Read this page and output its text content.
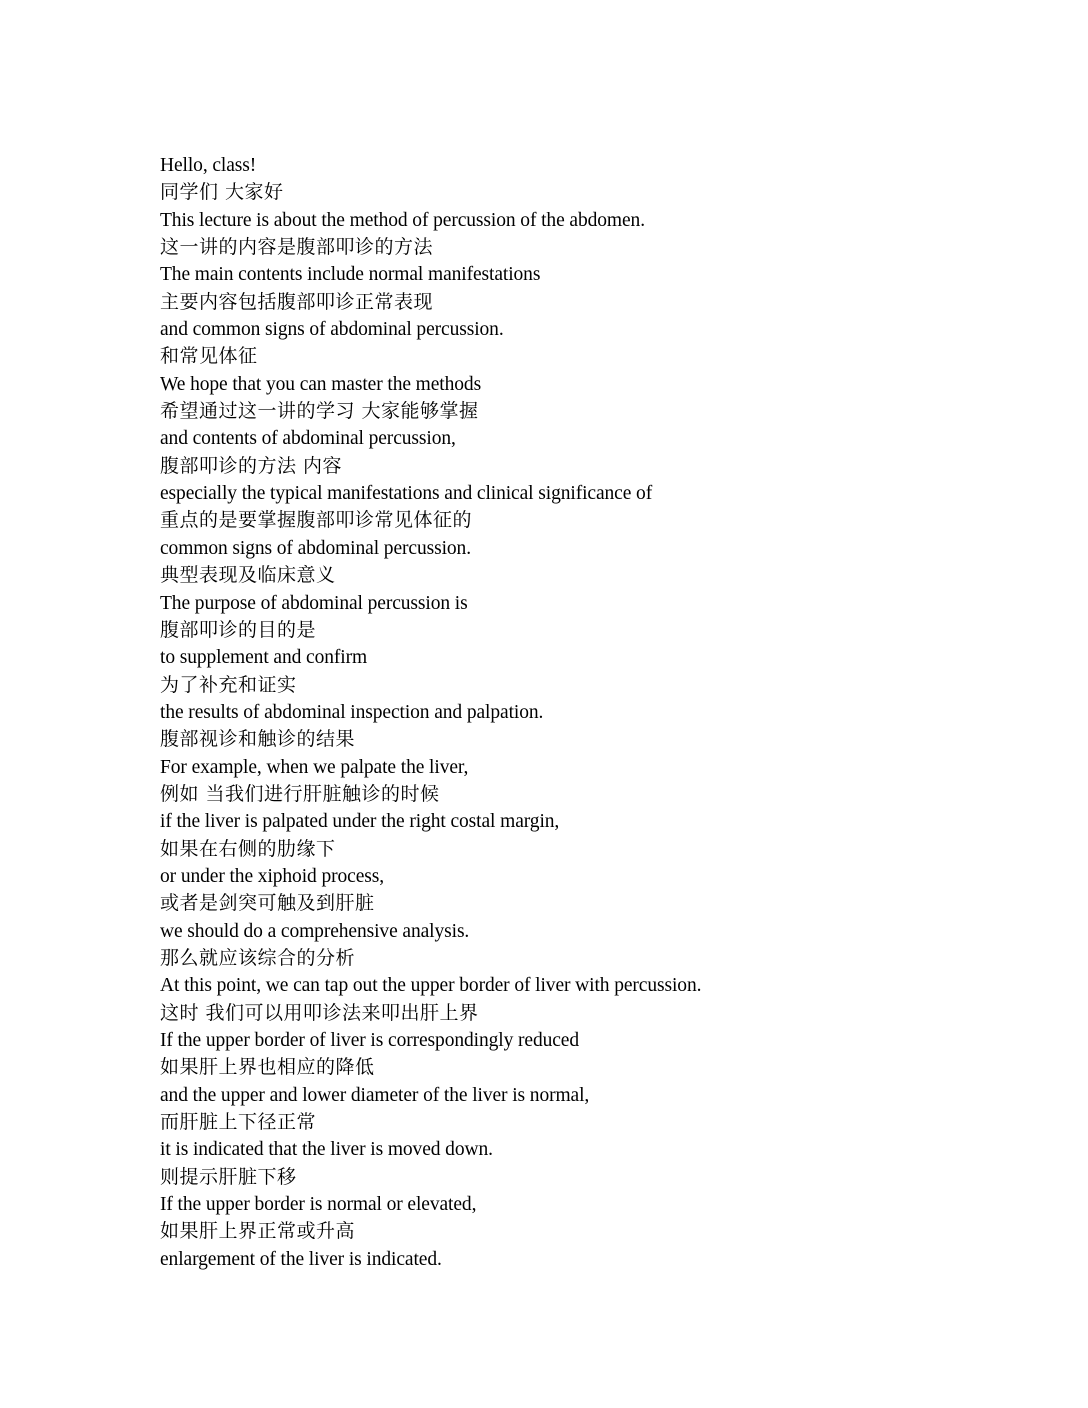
Hello, class!
同学们 大家好
This lecture is about the method of percussion of the abdomen.
这一讲的内容是腹部叩诊的方法
The main contents include normal manifestations
主要内容包括腹部叩诊正常表现
and common signs of abdominal percussion.
和常见体征
We hope that you can master the methods
希望通过这一讲的学习 大家能够掌握
and contents of abdominal percussion,
腹部叩诊的方法 内容
especially the typical manifestations and clinical significance of
重点的是要掌握腹部叩诊常见体征的
common signs of abdominal percussion.
典型表现及临床意义
The purpose of abdominal percussion is
腹部叩诊的目的是
to supplement and confirm
为了补充和证实
the results of abdominal inspection and palpation.
腹部视诊和触诊的结果
For example, when we palpate the liver,
例如 当我们进行肝脏触诊的时候
if the liver is palpated under the right costal margin,
如果在右侧的肋缘下
or under the xiphoid process,
或者是剑突可触及到肝脏
we should do a comprehensive analysis.
那么就应该综合的分析
At this point, we can tap out the upper border of liver with percussion.
这时 我们可以用叩诊法来叩出肝上界
If the upper border of liver is correspondingly reduced
如果肝上界也相应的降低
and the upper and lower diameter of the liver is normal,
而肝脏上下径正常
it is indicated that the liver is moved down.
则提示肝脏下移
If the upper border is normal or elevated,
如果肝上界正常或升高
enlargement of the liver is indicated.
